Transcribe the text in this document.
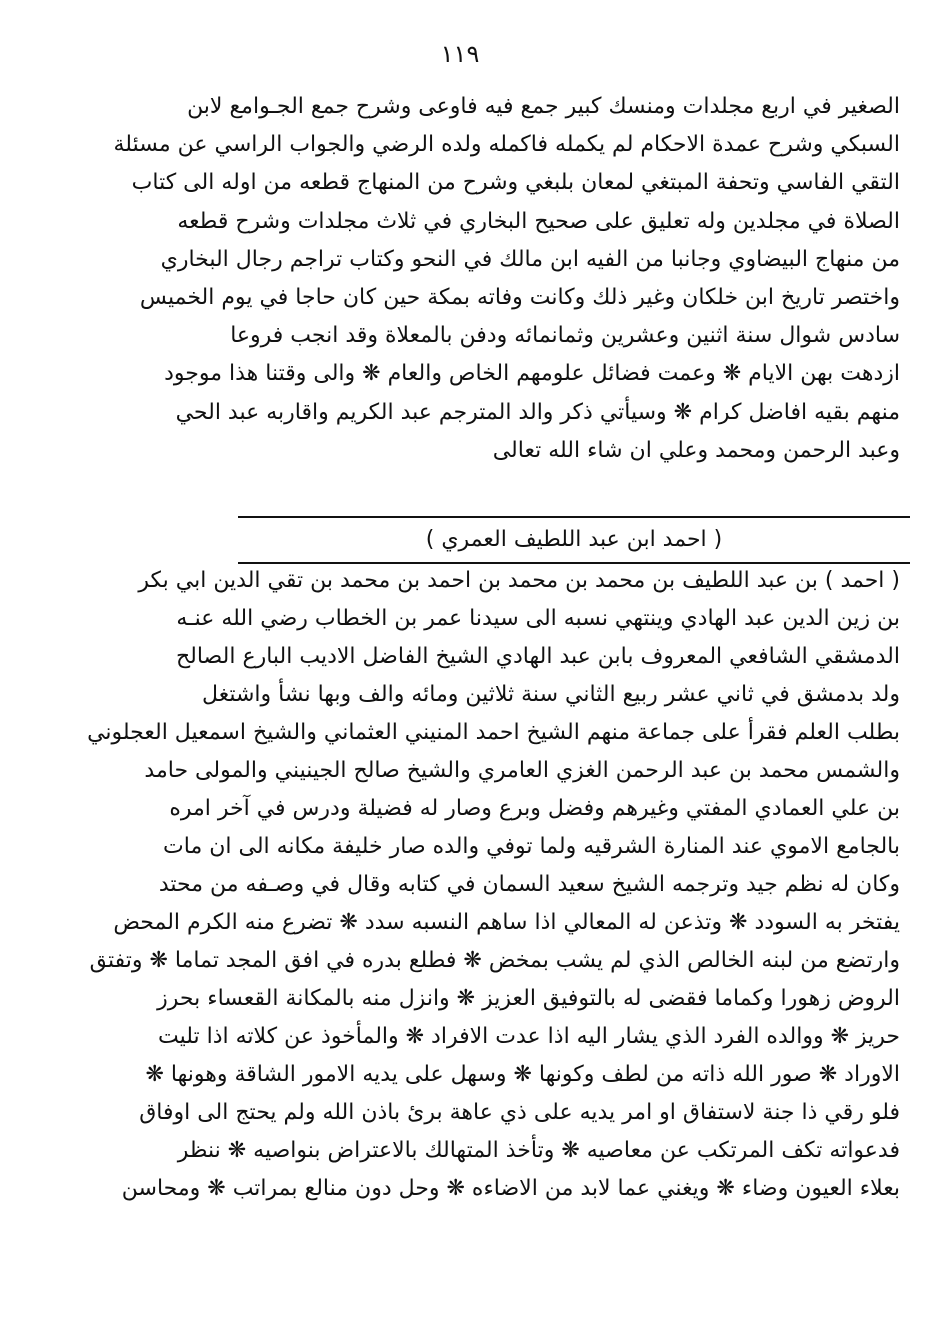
١١٩
الصغير في اربع مجلدات ومنسك كبير جمع فيه فاوعى وشرح جمع الجـوامع لابن
السبكي وشرح عمدة الاحكام لم يكمله فاكمله ولده الرضي والجواب الراسي عن مسئلة
التقي الفاسي وتحفة المبتغي لمعان بلبغي وشرح من المنهاج قطعه من اوله الى كتاب
الصلاة في مجلدين وله تعليق على صحيح البخاري في ثلاث مجلدات وشرح قطعه
من منهاج البيضاوي وجانبا من الفيه ابن مالك في النحو وكتاب تراجم رجال البخاري
واختصر تاريخ ابن خلكان وغير ذلك وكانت وفاته بمكة حين كان حاجا في يوم الخميس
سادس شوال سنة اثنين وعشرين وثمانمائه ودفن بالمعلاة وقد انجب فروعا
ازدهت بهن الايام ❋ وعمت فضائل علومهم الخاص والعام ❋ والى وقتنا هذا موجود
منهم بقيه افاضل كرام ❋ وسيأتي ذكر والد المترجم عبد الكريم واقاربه عبد الحي
وعبد الرحمن ومحمد وعلي ان شاء الله تعالى
( احمد ابن عبد اللطيف العمري )
( احمد ) بن عبد اللطيف بن محمد بن محمد بن احمد بن محمد بن تقي الدين ابي بكر
بن زين الدين عبد الهادي وينتهي نسبه الى سيدنا عمر بن الخطاب رضي الله عنـه
الدمشقي الشافعي المعروف بابن عبد الهادي الشيخ الفاضل الاديب البارع الصالح
ولد بدمشق في ثاني عشر ربيع الثاني سنة ثلاثين ومائه والف وبها نشأ واشتغل
بطلب العلم فقرأ على جماعة منهم الشيخ احمد المنيني العثماني والشيخ اسمعيل العجلوني
والشمس محمد بن عبد الرحمن الغزي العامري والشيخ صالح الجينيني والمولى حامد
بن علي العمادي المفتي وغيرهم وفضل وبرع وصار له فضيلة ودرس في آخر امره
بالجامع الاموي عند المنارة الشرقيه ولما توفي والده صار خليفة مكانه الى ان مات
وكان له نظم جيد وترجمه الشيخ سعيد السمان في كتابه وقال في وصـفه من محتد
يفتخر به السودد ❋ وتذعن له المعالي اذا ساهم النسبه سدد ❋ تضرع منه الكرم المحض
وارتضع من لبنه الخالص الذي لم يشب بمخض ❋ فطلع بدره في افق المجد تماما ❋ وتفتق
الروض زهورا وكماما فقضى له بالتوفيق العزيز ❋ وانزل منه بالمكانة القعساء بحرز
حريز ❋ ووالده الفرد الذي يشار اليه اذا عدت الافراد ❋ والمأخوذ عن كلاته اذا تليت
الاوراد ❋ صور الله ذاته من لطف وكونها ❋ وسهل على يديه الامور الشاقة وهونها ❋
فلو رقي ذا جنة لاستفاق او امر يديه على ذي عاهة برئ باذن الله ولم يحتج الى اوفاق
فدعواته تكف المرتكب عن معاصيه ❋ وتأخذ المتهالك بالاعتراض بنواصيه ❋ ننظر
بعلاء العيون وضاء ❋ ويغني عما لابد من الاضاءه ❋ وحل دون منالع بمراتب ❋ ومحاسن
